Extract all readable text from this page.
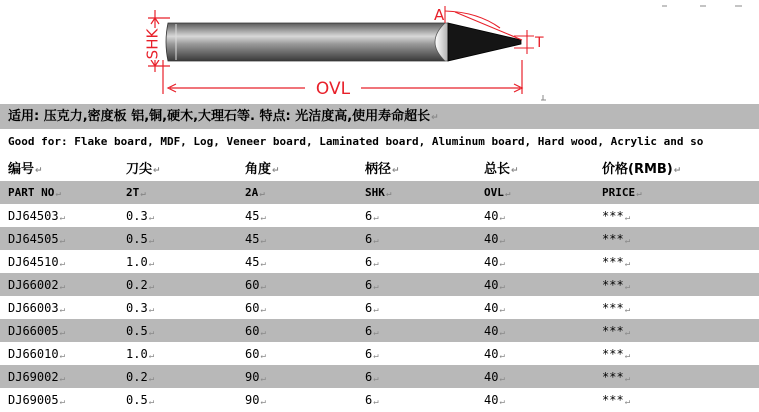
SHK
A
T
OVL
适用: 压克力,密度板 铝,铜,硬木,大理石等. 特点: 光洁度高,使用寿命超长↵
Good for: Flake board, MDF, Log, Veneer board, Laminated board, Aluminum board, Hard wood, Acrylic and so
编号↵	刀尖↵	角度↵	柄径↵	总长↵	价格(RMB)↵
PART NO↵	2T↵	2A↵	SHK↵	OVL↵	PRICE↵
DJ64503↵	0.3↵	45↵	6↵	40↵	***↵
DJ64505↵	0.5↵	45↵	6↵	40↵	***↵
DJ64510↵	1.0↵	45↵	6↵	40↵	***↵
DJ66002↵	0.2↵	60↵	6↵	40↵	***↵
DJ66003↵	0.3↵	60↵	6↵	40↵	***↵
DJ66005↵	0.5↵	60↵	6↵	40↵	***↵
DJ66010↵	1.0↵	60↵	6↵	40↵	***↵
DJ69002↵	0.2↵	90↵	6↵	40↵	***↵
DJ69005↵	0.5↵	90↵	6↵	40↵	***↵
